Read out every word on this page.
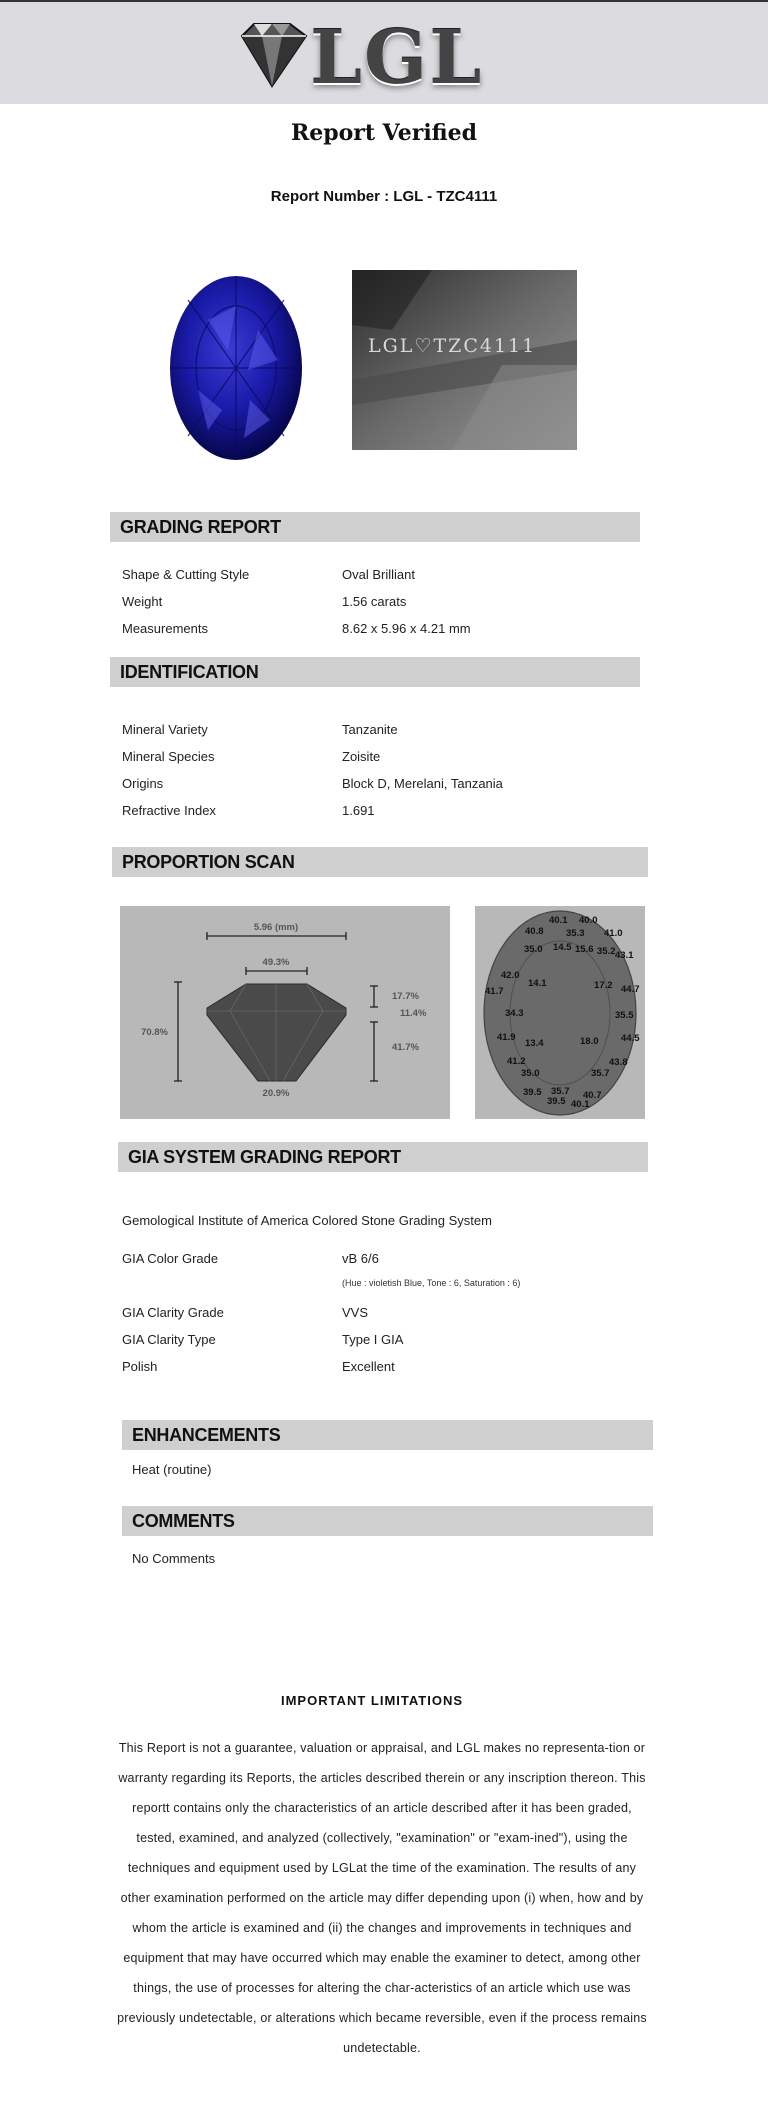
LGL
Report Verified
Report Number : LGL - TZC4111
LGL♡TZC4111
GRADING REPORT
Shape & Cutting Style	Oval Brilliant
Weight	1.56 carats
Measurements	8.62 x 5.96 x 4.21 mm
IDENTIFICATION
Mineral Variety	Tanzanite
Mineral Species	Zoisite
Origins	Block D, Merelani, Tanzania
Refractive Index	1.691
PROPORTION SCAN
5.96 (mm)
49.3%
70.8%
17.7%
11.4%
41.7%
20.9%
40.1 40.0
40.8 35.3 41.0
35.0 14.5 15.6 35.2 43.1
42.0
14.1	17.2 44.7
41.7
34.3	35.5
41.9
13.4	18.0 44.5
41.2	43.8
35.0	35.7
39.5 35.7 40.7
39.5 40.1
GIA SYSTEM GRADING REPORT
Gemological Institute of America Colored Stone Grading System
GIA Color Grade	vB 6/6
(Hue : violetish Blue, Tone : 6, Saturation : 6)
GIA Clarity Grade	VVS
GIA Clarity Type	Type I GIA
Polish	Excellent
ENHANCEMENTS
Heat (routine)
COMMENTS
No Comments
IMPORTANT LIMITATIONS
This Report is not a guarantee, valuation or appraisal, and LGL makes no representa-tion or warranty regarding its Reports, the articles described therein or any inscription thereon. This reportt contains only the characteristics of an article described after it has been graded, tested, examined, and analyzed (collectively, "examination" or "exam-ined"), using the techniques and equipment used by LGLat the time of the examination. The results of any other examination performed on the article may differ depending upon (i) when, how and by whom the article is examined and (ii) the changes and improvements in techniques and equipment that may have occurred which may enable the examiner to detect, among other things, the use of processes for altering the char-acteristics of an article which use was previously undetectable, or alterations which became reversible, even if the process remains undetectable.
